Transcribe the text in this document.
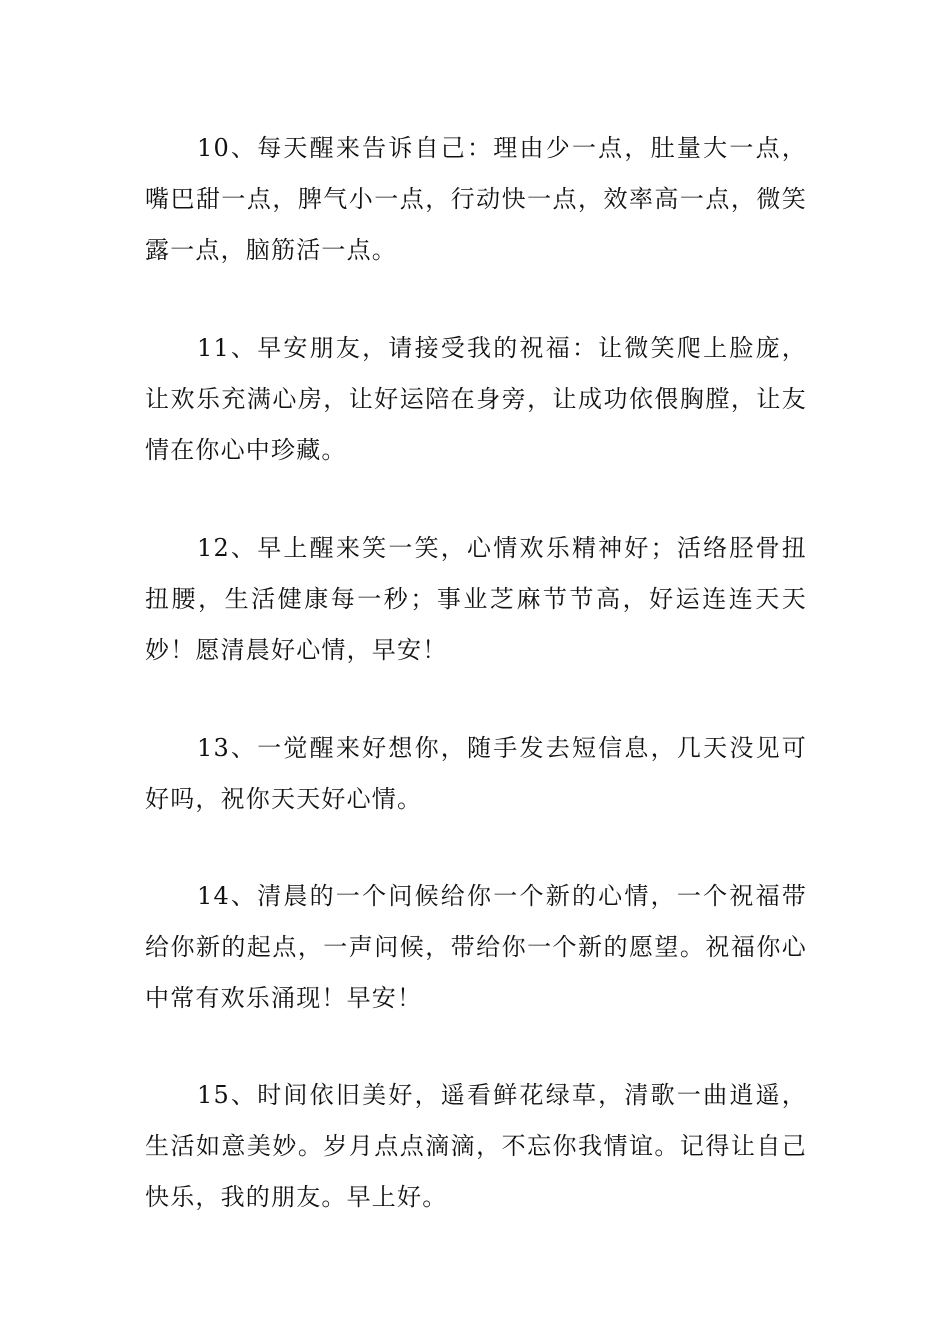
10、每天醒来告诉自己：理由少一点，肚量大一点，嘴巴甜一点，脾气小一点，行动快一点，效率高一点，微笑露一点，脑筋活一点。

11、早安朋友，请接受我的祝福：让微笑爬上脸庞，让欢乐充满心房，让好运陪在身旁，让成功依偎胸膛，让友情在你心中珍藏。

12、早上醒来笑一笑，心情欢乐精神好；活络胫骨扭扭腰，生活健康每一秒；事业芝麻节节高，好运连连天天妙！愿清晨好心情，早安！

13、一觉醒来好想你，随手发去短信息，几天没见可好吗，祝你天天好心情。

14、清晨的一个问候给你一个新的心情，一个祝福带给你新的起点，一声问候，带给你一个新的愿望。祝福你心中常有欢乐涌现！早安！

15、时间依旧美好，遥看鲜花绿草，清歌一曲逍遥，生活如意美妙。岁月点点滴滴，不忘你我情谊。记得让自己快乐，我的朋友。早上好。
